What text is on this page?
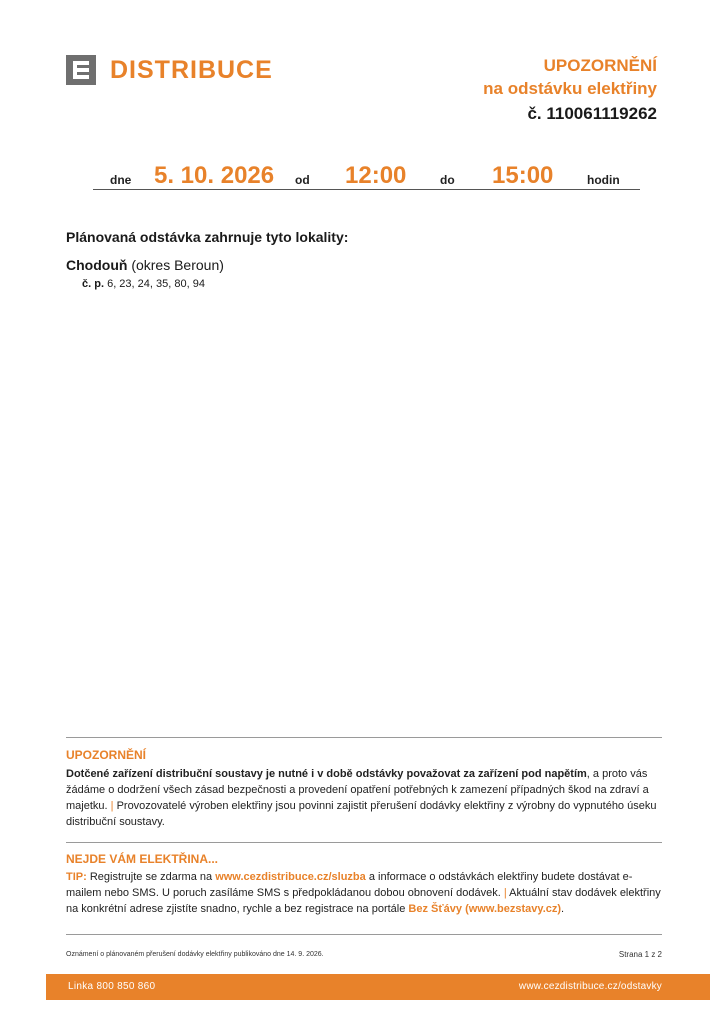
DISTRIBUCE	UPOZORNĚNÍ
na odstávku elektřiny
č. 110061119262
dne 5. 10. 2026 od 12:00	do 15:00	hodin
Plánovaná odstávka zahrnuje tyto lokality:
Chodouň (okres Beroun)
č. p. 6, 23, 24, 35, 80, 94
UPOZORNĚNÍ
Dotčené zařízení distribuční soustavy je nutné i v době odstávky považovat za zařízení pod napětím, a proto vás žádáme o dodržení všech zásad bezpečnosti a provedení opatření potřebných k zamezení případných škod na zdraví a majetku. | Provozovatelé výroben elektřiny jsou povinni zajistit přerušení dodávky elektřiny z výrobny do vypnutého úseku distribuční soustavy.
NEJDE VÁM ELEKTŘINA...
TIP: Registrujte se zdarma na www.cezdistribuce.cz/sluzba a informace o odstávkách elektřiny budete dostávat e-mailem nebo SMS. U poruch zasíláme SMS s předpokládanou dobou obnovení dodávek. | Aktuální stav dodávek elektřiny na konkrétní adrese zjistíte snadno, rychle a bez registrace na portále Bez Šťávy (www.bezstavy.cz).
Oznámení o plánovaném přerušení dodávky elektřiny publikováno dne 14. 9. 2026.	Strana 1 z 2
Linka 800 850 860	www.cezdistribuce.cz/odstavky
